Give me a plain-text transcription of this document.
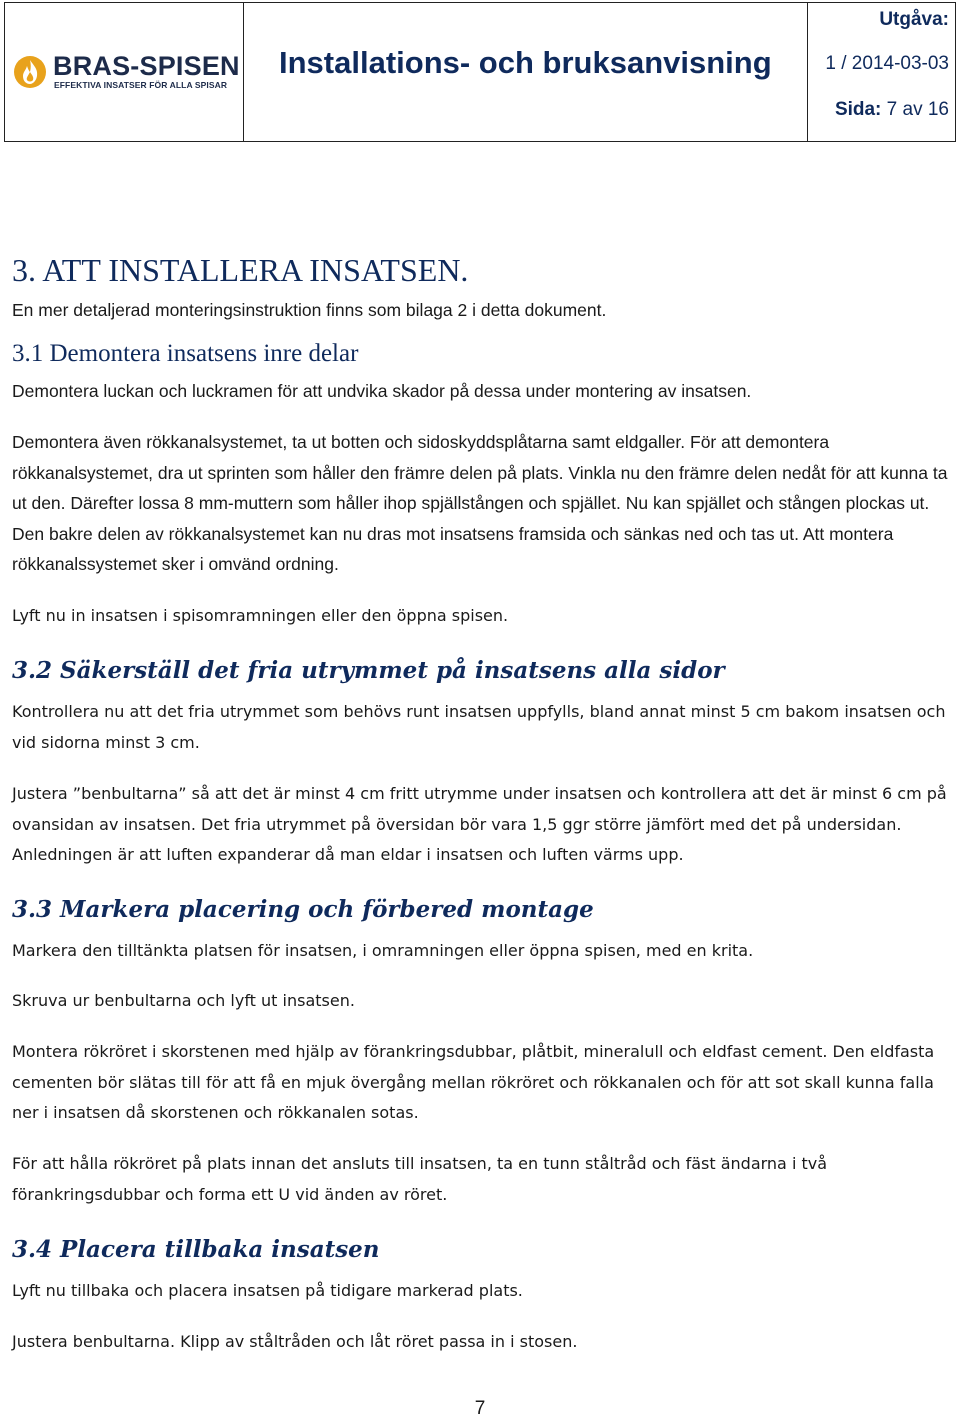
BRAS-SPISEN
EFFEKTIVA INSATSER FÖR ALLA SPISAR
Installations- och bruksanvisning
Utgåva:
1 / 2014-03-03
Sida: 7 av 16
3. ATT INSTALLERA INSATSEN.
En mer detaljerad monteringsinstruktion finns som bilaga 2 i detta dokument.
3.1 Demontera insatsens inre delar
Demontera luckan och luckramen för att undvika skador på dessa under montering av insatsen.
Demontera även rökkanalsystemet, ta ut botten och sidoskyddsplåtarna samt eldgaller. För att demontera rökkanalsystemet, dra ut sprinten som håller den främre delen på plats. Vinkla nu den främre delen nedåt för att kunna ta ut den. Därefter lossa 8 mm-muttern som håller ihop spjällstången och spjället. Nu kan spjället och stången plockas ut. Den bakre delen av rökkanalsystemet kan nu dras mot insatsens framsida och sänkas ned och tas ut. Att montera rökkanalssystemet sker i omvänd ordning.
Lyft nu in insatsen i spisomramningen eller den öppna spisen.
3.2 Säkerställ det fria utrymmet på insatsens alla sidor
Kontrollera nu att det fria utrymmet som behövs runt insatsen uppfylls, bland annat minst 5 cm bakom insatsen och vid sidorna minst 3 cm.
Justera ”benbultarna” så att det är minst 4 cm fritt utrymme under insatsen och kontrollera att det är minst 6 cm på ovansidan av insatsen. Det fria utrymmet på översidan bör vara 1,5 ggr större jämfört med det på undersidan. Anledningen är att luften expanderar då man eldar i insatsen och luften värms upp.
3.3 Markera placering och förbered montage
Markera den tilltänkta platsen för insatsen, i omramningen eller öppna spisen, med en krita.
Skruva ur benbultarna och lyft ut insatsen.
Montera rökröret i skorstenen med hjälp av förankringsdubbar, plåtbit, mineralull och eldfast cement. Den eldfasta cementen bör slätas till för att få en mjuk övergång mellan rökröret och rökkanalen och för att sot skall kunna falla ner i insatsen då skorstenen och rökkanalen sotas.
För att hålla rökröret på plats innan det ansluts till insatsen, ta en tunn ståltråd och fäst ändarna i två förankringsdubbar och forma ett U vid änden av röret.
3.4 Placera tillbaka insatsen
Lyft nu tillbaka och placera insatsen på tidigare markerad plats.
Justera benbultarna. Klipp av ståltråden och låt röret passa in i stosen.
7
